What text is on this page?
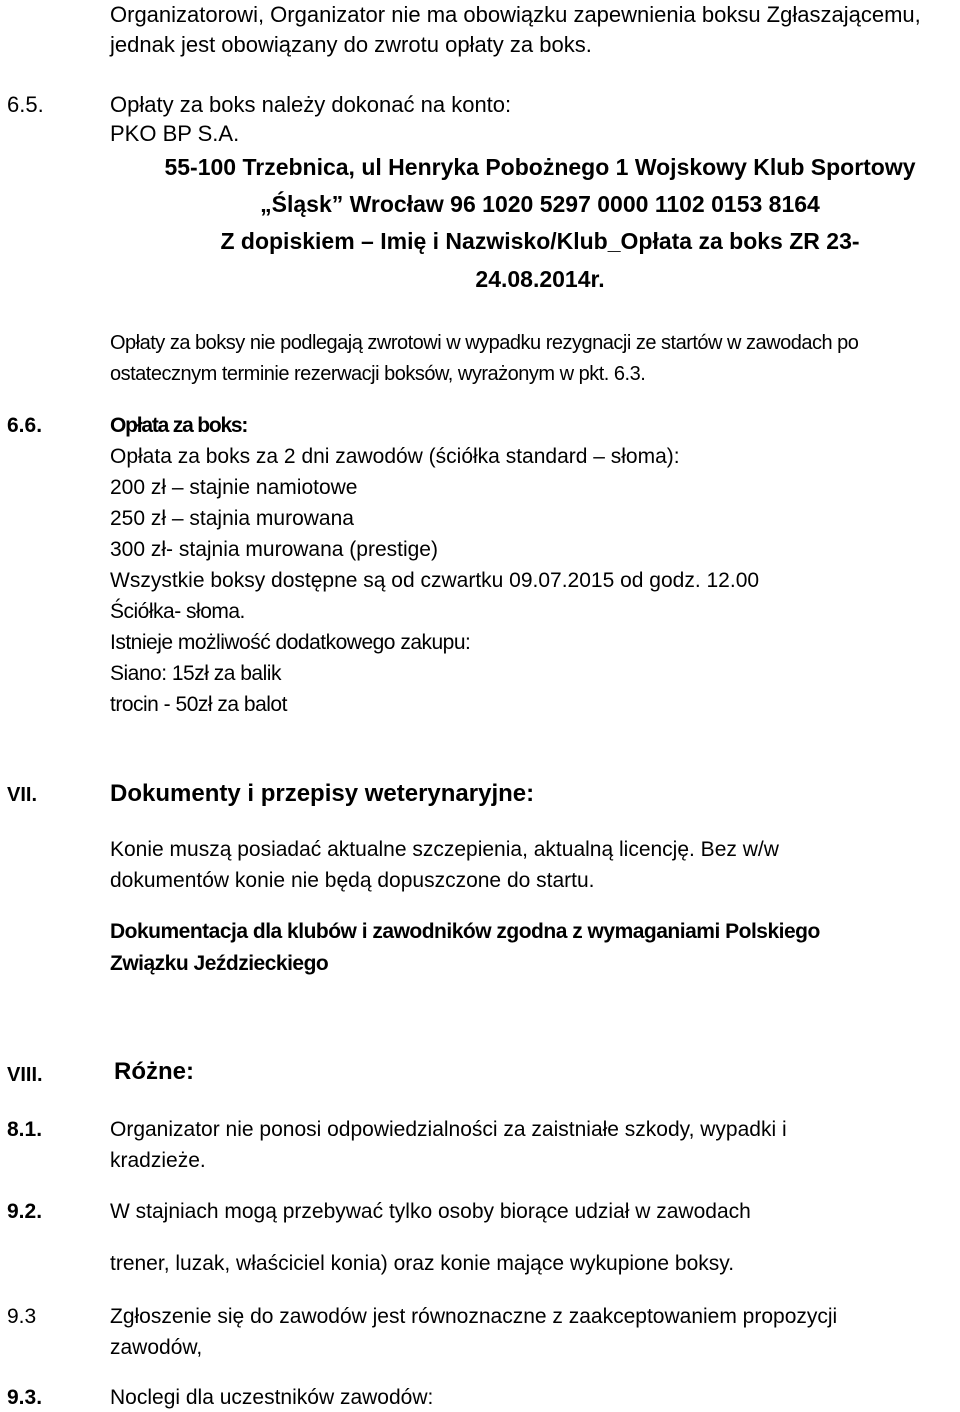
Organizatorowi, Organizator nie ma obowiązku zapewnienia boksu Zgłaszającemu,
jednak jest obowiązany do zwrotu opłaty za boks.
6.5.	Opłaty za boks należy dokonać na konto:
PKO BP S.A.
55-100 Trzebnica, ul Henryka Pobożnego 1 Wojskowy Klub Sportowy
„Śląsk” Wrocław 96 1020 5297 0000 1102 0153 8164
Z dopiskiem – Imię i Nazwisko/Klub_Opłata za boks ZR 23-
24.08.2014r.
Opłaty za boksy nie podlegają zwrotowi w wypadku rezygnacji ze startów w zawodach po
ostatecznym terminie rezerwacji boksów, wyrażonym w pkt. 6.3.
6.6.	Opłata za boks:
Opłata za boks za 2 dni zawodów (ściółka standard – słoma):
200 zł – stajnie namiotowe
250 zł – stajnia murowana
300 zł- stajnia murowana (prestige)
Wszystkie boksy dostępne są od czwartku 09.07.2015 od godz. 12.00
Ściółka- słoma.
Istnieje możliwość dodatkowego zakupu:
Siano: 15zł za balik
trocin - 50zł za balot
VII.	Dokumenty i przepisy weterynaryjne:
Konie muszą posiadać aktualne szczepienia, aktualną licencję. Bez w/w
dokumentów konie nie będą dopuszczone do startu.
Dokumentacja dla klubów i zawodników zgodna z wymaganiami Polskiego
Związku Jeździeckiego
VIII.	Różne:
8.1.	Organizator nie ponosi odpowiedzialności za zaistniałe szkody, wypadki i
kradzieże.
9.2.	W stajniach mogą przebywać tylko osoby biorące udział w zawodach
trener, luzak, właściciel konia) oraz konie mające wykupione boksy.
9.3	Zgłoszenie się do zawodów jest równoznaczne z zaakceptowaniem propozycji
zawodów,
9.3.	Noclegi dla uczestników zawodów:
